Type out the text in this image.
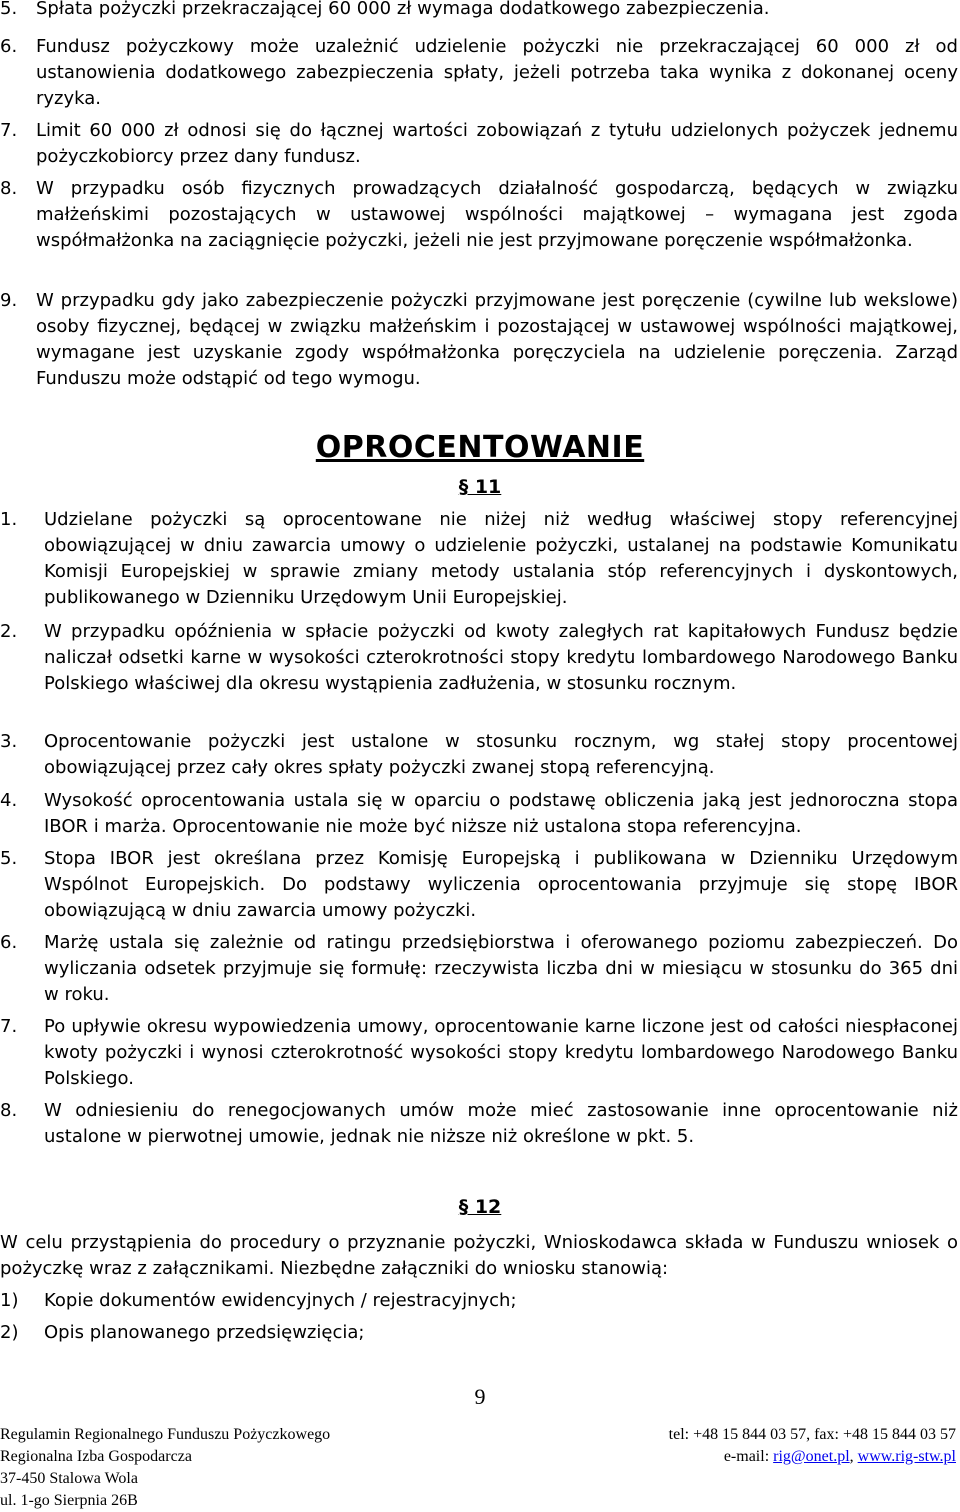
5. Spłata pożyczki przekraczającej 60 000 zł wymaga dodatkowego zabezpieczenia.
6. Fundusz pożyczkowy może uzależnić udzielenie pożyczki nie przekraczającej 60 000 zł od ustanowienia dodatkowego zabezpieczenia spłaty, jeżeli potrzeba taka wynika z dokonanej oceny ryzyka.
7. Limit 60 000 zł odnosi się do łącznej wartości zobowiązań z tytułu udzielonych pożyczek jednemu pożyczkobiorcy przez dany fundusz.
8. W przypadku osób fizycznych prowadzących działalność gospodarczą, będących w związku małżeńskimi pozostających w ustawowej wspólności majątkowej – wymagana jest zgoda współmałżonka na zaciągnięcie pożyczki, jeżeli nie jest przyjmowane poręczenie współmałżonka.
9. W przypadku gdy jako zabezpieczenie pożyczki przyjmowane jest poręczenie (cywilne lub wekslowe) osoby fizycznej, będącej w związku małżeńskim i pozostającej w ustawowej wspólności majątkowej, wymagane jest uzyskanie zgody współmałżonka poręczyciela na udzielenie poręczenia. Zarząd Funduszu może odstąpić od tego wymogu.
OPROCENTOWANIE
§ 11
1. Udzielane pożyczki są oprocentowane nie niżej niż według właściwej stopy referencyjnej obowiązującej w dniu zawarcia umowy o udzielenie pożyczki, ustalanej na podstawie Komunikatu Komisji Europejskiej w sprawie zmiany metody ustalania stóp referencyjnych i dyskontowych, publikowanego w Dzienniku Urzędowym Unii Europejskiej.
2. W przypadku opóźnienia w spłacie pożyczki od kwoty zaległych rat kapitałowych Fundusz będzie naliczał odsetki karne w wysokości czterokrotności stopy kredytu lombardowego Narodowego Banku Polskiego właściwej dla okresu wystąpienia zadłużenia, w stosunku rocznym.
3. Oprocentowanie pożyczki jest ustalone w stosunku rocznym, wg stałej stopy procentowej obowiązującej przez cały okres spłaty pożyczki zwanej stopą referencyjną.
4. Wysokość oprocentowania ustala się w oparciu o podstawę obliczenia jaką jest jednoroczna stopa IBOR i marża. Oprocentowanie nie może być niższe niż ustalona stopa referencyjna.
5. Stopa IBOR jest określana przez Komisję Europejską i publikowana w Dzienniku Urzędowym Wspólnot Europejskich. Do podstawy wyliczenia oprocentowania przyjmuje się stopę IBOR obowiązującą w dniu zawarcia umowy pożyczki.
6. Marżę ustala się zależnie od ratingu przedsiębiorstwa i oferowanego poziomu zabezpieczeń. Do wyliczania odsetek przyjmuje się formułę: rzeczywista liczba dni w miesiącu w stosunku do 365 dni w roku.
7. Po upływie okresu wypowiedzenia umowy, oprocentowanie karne liczone jest od całości niespłaconej kwoty pożyczki i wynosi czterokrotność wysokości stopy kredytu lombardowego Narodowego Banku Polskiego.
8. W odniesieniu do renegocjowanych umów może mieć zastosowanie inne oprocentowanie niż ustalone w pierwotnej umowie, jednak nie niższe niż określone w pkt. 5.
§ 12
W celu przystąpienia do procedury o przyznanie pożyczki, Wnioskodawca składa w Funduszu wniosek o pożyczkę wraz z załącznikami. Niezbędne załączniki do wniosku stanowią:
1) Kopie dokumentów ewidencyjnych / rejestracyjnych;
2) Opis planowanego przedsięwzięcia;
9
Regulamin Regionalnego Funduszu Pożyczkowego
Regionalna Izba Gospodarcza
37-450 Stalowa Wola
ul. 1-go Sierpnia 26B
tel: +48 15 844 03 57, fax: +48 15 844 03 57
e-mail: rig@onet.pl, www.rig-stw.pl
